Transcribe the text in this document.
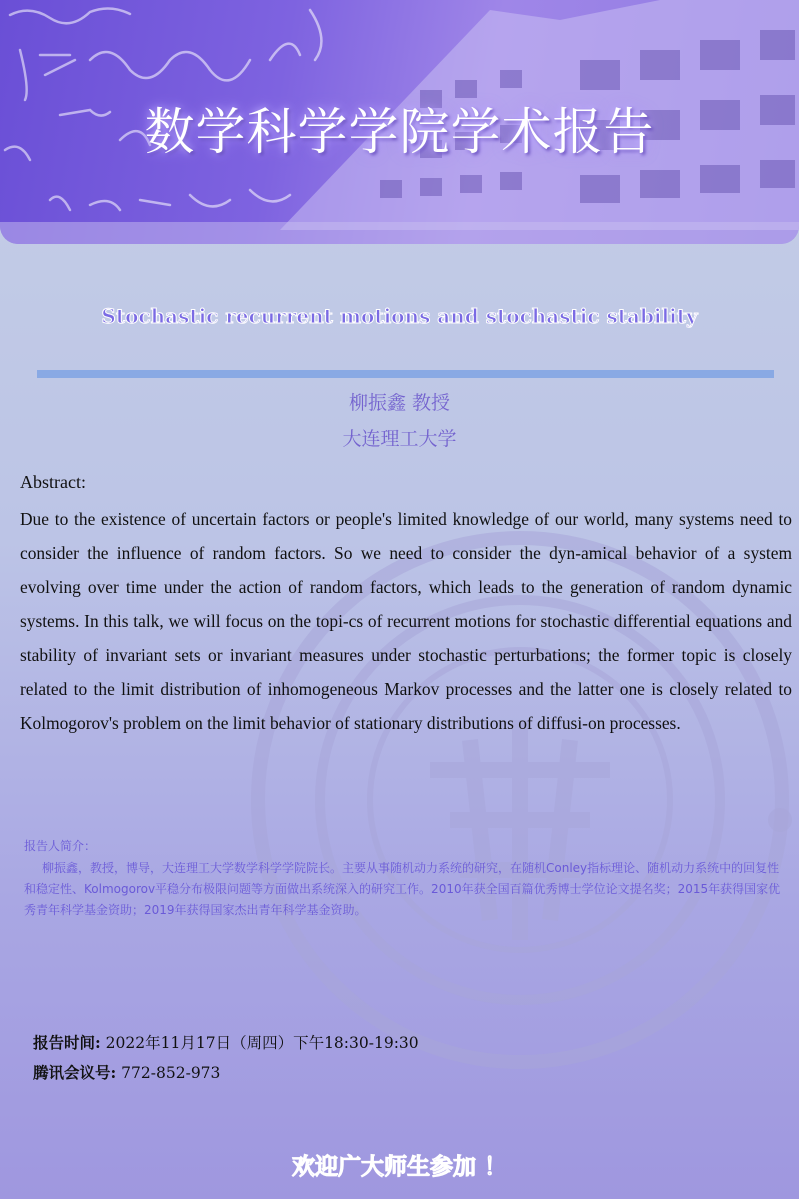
数学科学学院学术报告
Stochastic recurrent motions and stochastic stability
柳振鑫 教授
大连理工大学
Abstract:

Due to the existence of uncertain factors or people's limited knowledge of our world, many systems need to consider the influence of random factors. So we need to consider the dyn-amical behavior of a system evolving over time under the action of random factors, which leads to the generation of random dynamic systems. In this talk, we will focus on the topi-cs of recurrent motions for stochastic differential equations and stability of invariant sets or invariant measures under stochastic perturbations; the former topic is closely related to the limit distribution of inhomogeneous Markov processes and the latter one is closely related to Kolmogorov's problem on the limit behavior of stationary distributions of diffusi-on processes.

报告人简介：

柳振鑫，教授，博导，大连理工大学数学科学学院院长。主要从事随机动力系统的研究，在随机Conley指标理论、随机动力系统中的回复性和稳定性、Kolmogorov平稳分布极限问题等方面做出系统深入的研究工作。2010年获全国百篇优秀博士学位论文提名奖；2015年获得国家优秀青年科学基金资助；2019年获得国家杰出青年科学基金资助。

报告时间: 2022年11月17日（周四）下午18:30-19:30
腾讯会议号: 772-852-973
欢迎广大师生参加 ！
